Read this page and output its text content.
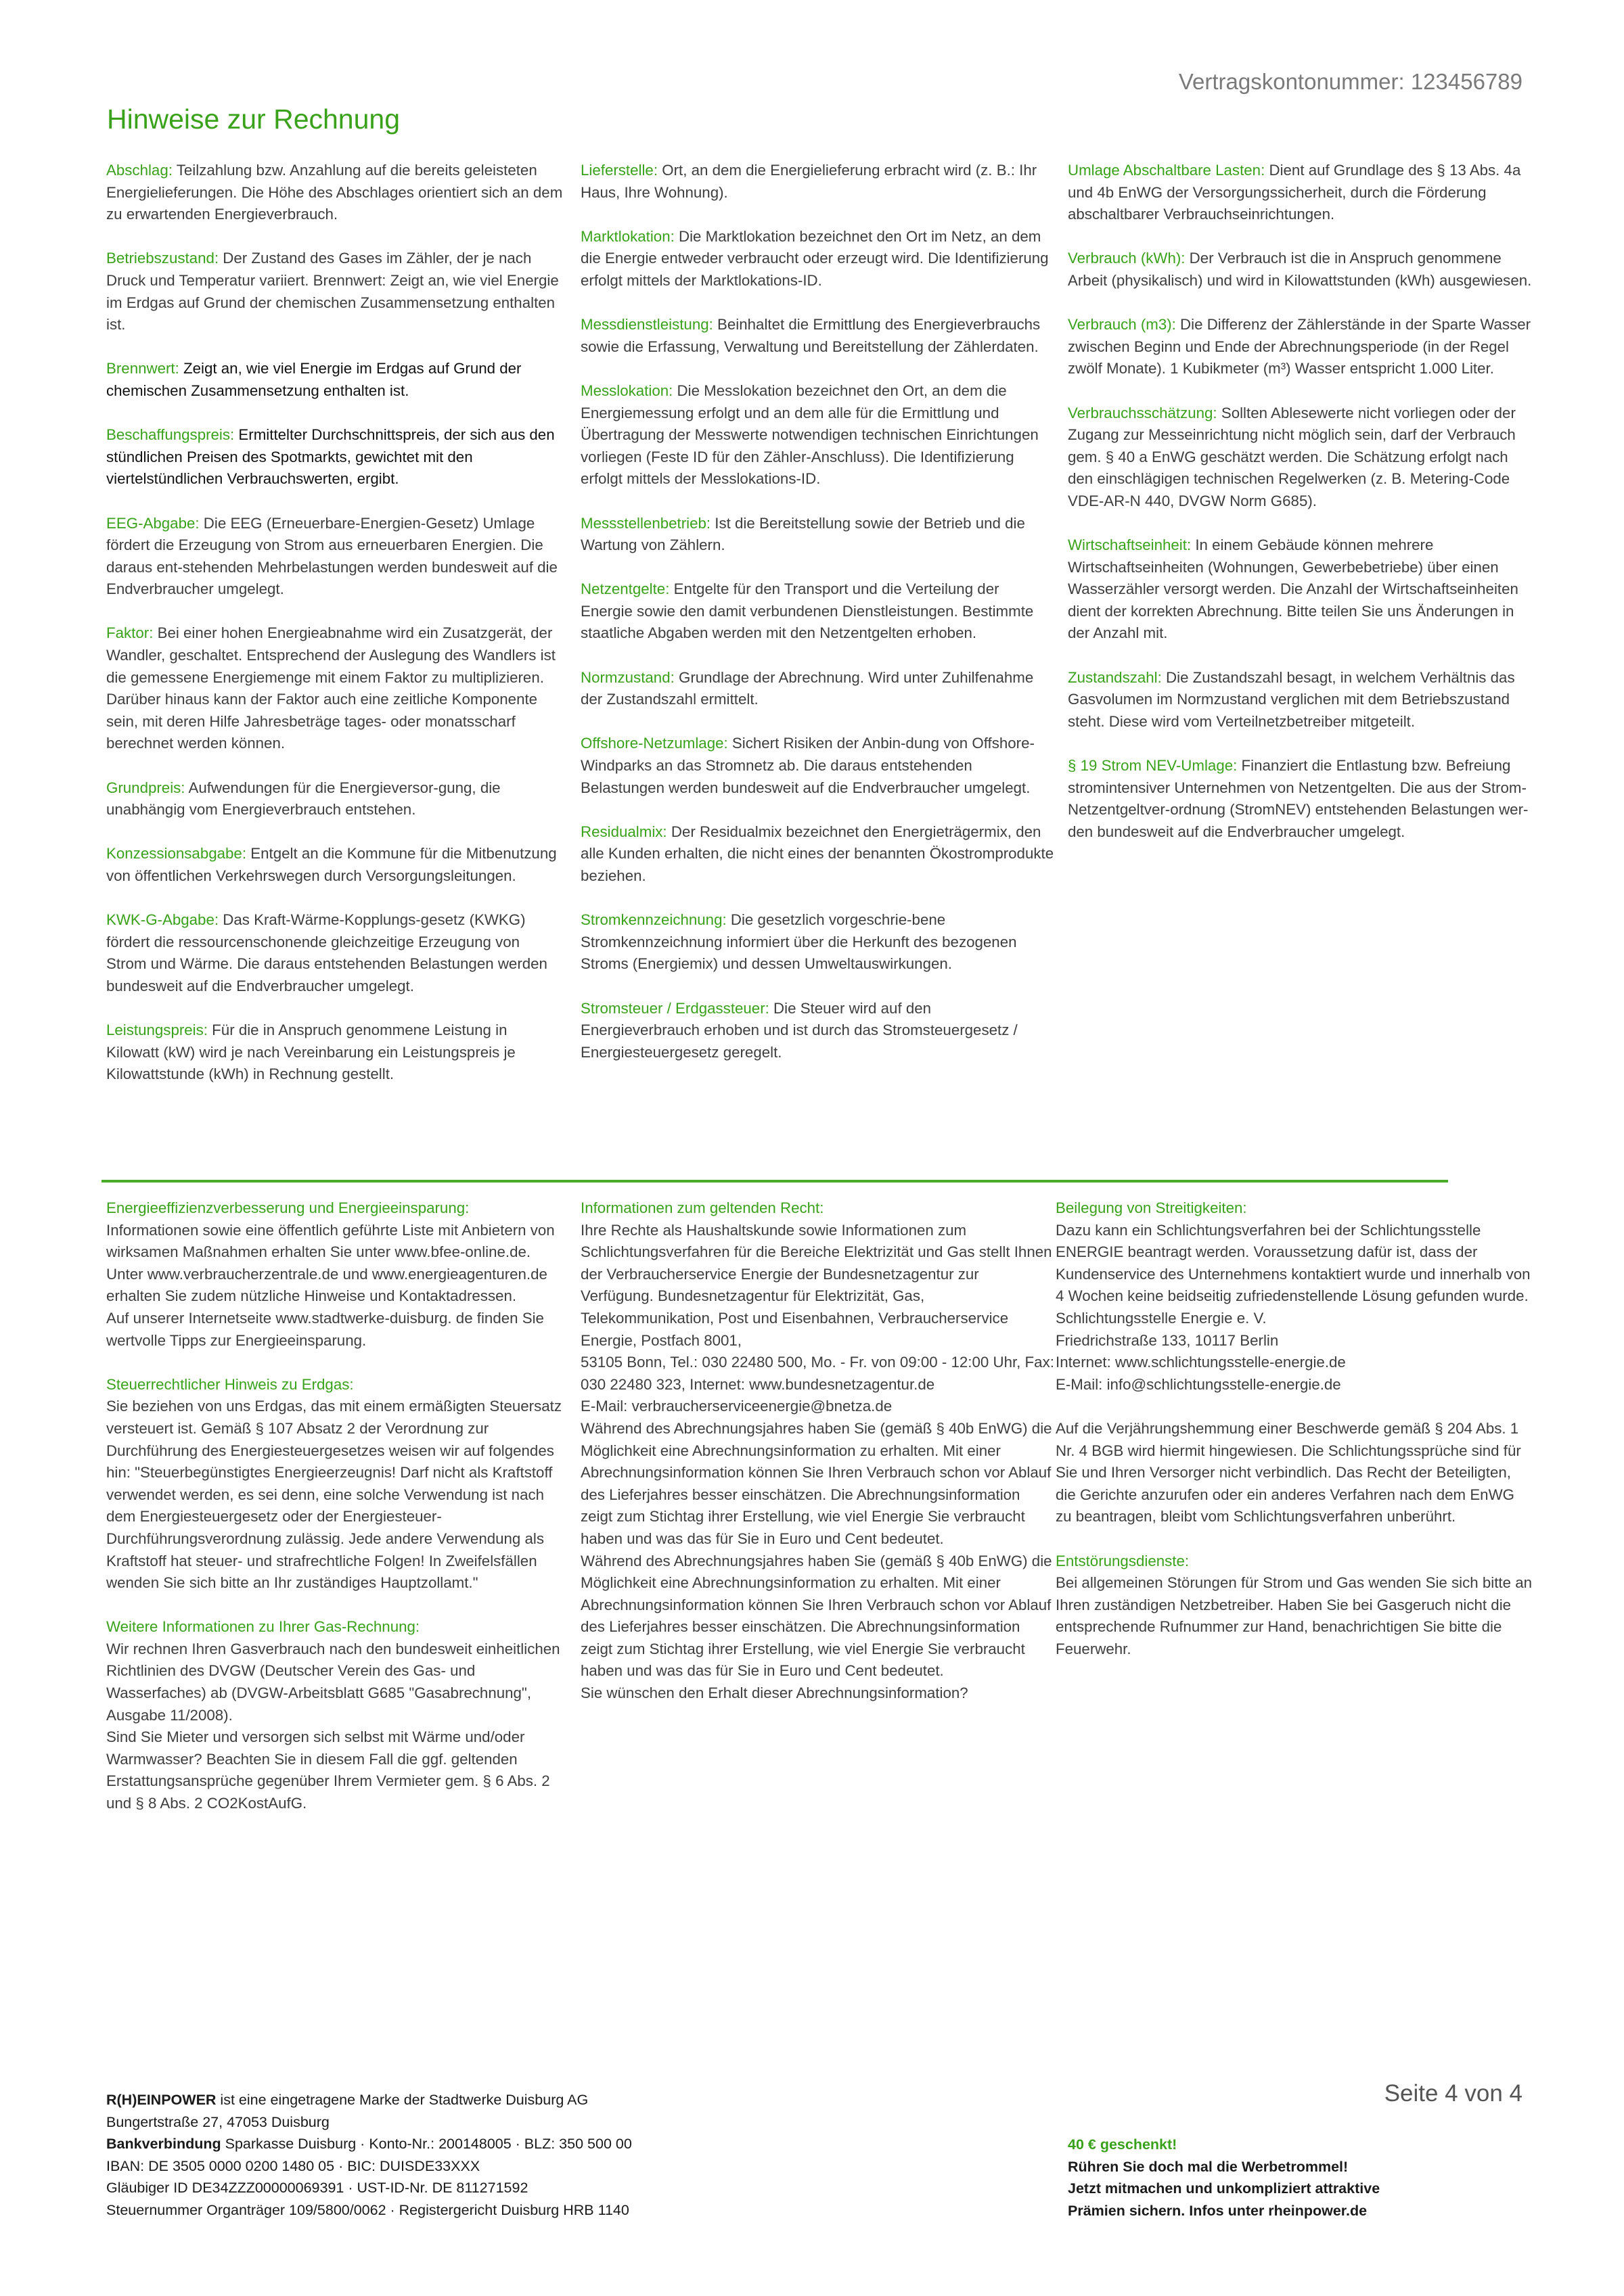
Vertragskontonummer: 123456789
Hinweise zur Rechnung
Abschlag: Teilzahlung bzw. Anzahlung auf die bereits geleisteten Energielieferungen. Die Höhe des Abschlages orientiert sich an dem zu erwartenden Energieverbrauch.
Betriebszustand: Der Zustand des Gases im Zähler, der je nach Druck und Temperatur variiert. Brennwert: Zeigt an, wie viel Energie im Erdgas auf Grund der chemischen Zusammensetzung enthalten ist.
Brennwert: Zeigt an, wie viel Energie im Erdgas auf Grund der chemischen Zusammensetzung enthalten ist.
Beschaffungspreis: Ermittelter Durchschnittspreis, der sich aus den stündlichen Preisen des Spotmarkts, gewichtet mit den viertelstündlichen Verbrauchswerten, ergibt.
EEG-Abgabe: Die EEG (Erneuerbare-Energien-Gesetz) Umlage fördert die Erzeugung von Strom aus erneuerbaren Energien. Die daraus ent-stehenden Mehrbelastungen werden bundesweit auf die Endverbraucher umgelegt.
Faktor: Bei einer hohen Energieabnahme wird ein Zusatzgerät, der Wandler, geschaltet. Entsprechend der Auslegung des Wandlers ist die gemessene Energiemenge mit einem Faktor zu multiplizieren.
Darüber hinaus kann der Faktor auch eine zeitliche Komponente sein, mit deren Hilfe Jahresbeträge tages- oder monatsscharf berechnet werden können.
Grundpreis: Aufwendungen für die Energieversor-gung, die unabhängig vom Energieverbrauch entstehen.
Konzessionsabgabe: Entgelt an die Kommune für die Mitbenutzung von öffentlichen Verkehrswegen durch Versorgungsleitungen.
KWK-G-Abgabe: Das Kraft-Wärme-Kopplungs-gesetz (KWKG) fördert die ressourcenschonende gleichzeitige Erzeugung von Strom und Wärme. Die daraus entstehenden Belastungen werden bundesweit auf die Endverbraucher umgelegt.
Leistungspreis: Für die in Anspruch genommene Leistung in Kilowatt (kW) wird je nach Vereinbarung ein Leistungspreis je Kilowattstunde (kWh) in Rechnung gestellt.
Lieferstelle: Ort, an dem die Energielieferung erbracht wird (z. B.: Ihr Haus, Ihre Wohnung).
Marktlokation: Die Marktlokation bezeichnet den Ort im Netz, an dem die Energie entweder verbraucht oder erzeugt wird. Die Identifizierung erfolgt mittels der Marktlokations-ID.
Messdienstleistung: Beinhaltet die Ermittlung des Energieverbrauchs sowie die Erfassung, Verwaltung und Bereitstellung der Zählerdaten.
Messlokation: Die Messlokation bezeichnet den Ort, an dem die Energiemessung erfolgt und an dem alle für die Ermittlung und Übertragung der Messwerte notwendigen technischen Einrichtungen vorliegen (Feste ID für den Zähler-Anschluss). Die Identifizierung erfolgt mittels der Messlokations-ID.
Messstellenbetrieb: Ist die Bereitstellung sowie der Betrieb und die Wartung von Zählern.
Netzentgelte: Entgelte für den Transport und die Verteilung der Energie sowie den damit verbundenen Dienstleistungen. Bestimmte staatliche Abgaben werden mit den Netzentgelten erhoben.
Normzustand: Grundlage der Abrechnung. Wird unter Zuhilfenahme der Zustandszahl ermittelt.
Offshore-Netzumlage: Sichert Risiken der Anbin-dung von Offshore-Windparks an das Stromnetz ab. Die daraus entstehenden Belastungen werden bundesweit auf die Endverbraucher umgelegt.
Residualmix: Der Residualmix bezeichnet den Energieträgermix, den alle Kunden erhalten, die nicht eines der benannten Ökostromprodukte beziehen.
Stromkennzeichnung: Die gesetzlich vorgeschrie-bene Stromkennzeichnung informiert über die Herkunft des bezogenen Stroms (Energiemix) und dessen Umweltauswirkungen.
Stromsteuer / Erdgassteuer: Die Steuer wird auf den Energieverbrauch erhoben und ist durch das Stromsteuergesetz / Energiesteuergesetz geregelt.
Umlage Abschaltbare Lasten: Dient auf Grundlage des § 13 Abs. 4a und 4b EnWG der Versorgungssicherheit, durch die Förderung abschaltbarer Verbrauchseinrichtungen.
Verbrauch (kWh): Der Verbrauch ist die in Anspruch genommene Arbeit (physikalisch) und wird in Kilowattstunden (kWh) ausgewiesen.
Verbrauch (m3): Die Differenz der Zählerstände in der Sparte Wasser zwischen Beginn und Ende der Abrechnungsperiode (in der Regel zwölf Monate). 1 Kubikmeter (m³) Wasser entspricht 1.000 Liter.
Verbrauchsschätzung: Sollten Ablesewerte nicht vorliegen oder der Zugang zur Messeinrichtung nicht möglich sein, darf der Verbrauch gem. § 40 a EnWG geschätzt werden. Die Schätzung erfolgt nach den einschlägigen technischen Regelwerken (z. B. Metering-Code VDE-AR-N 440, DVGW Norm G685).
Wirtschaftseinheit: In einem Gebäude können mehrere Wirtschaftseinheiten (Wohnungen, Gewerbebetriebe) über einen Wasserzähler versorgt werden. Die Anzahl der Wirtschaftseinheiten dient der korrekten Abrechnung. Bitte teilen Sie uns Änderungen in der Anzahl mit.
Zustandszahl: Die Zustandszahl besagt, in welchem Verhältnis das Gasvolumen im Normzustand verglichen mit dem Betriebszustand steht. Diese wird vom Verteilnetzbetreiber mitgeteilt.
§ 19 Strom NEV-Umlage: Finanziert die Entlastung bzw. Befreiung stromintensiver Unternehmen von Netzentgelten. Die aus der Strom-Netzentgeltver-ordnung (StromNEV) entstehenden Belastungen wer-den bundesweit auf die Endverbraucher umgelegt.
Energieeffizienzverbesserung und Energieeinsparung:
Informationen sowie eine öffentlich geführte Liste mit Anbietern von wirksamen Maßnahmen erhalten Sie unter www.bfee-online.de. Unter www.verbraucherzentrale.de und www.energieagenturen.de erhalten Sie zudem nützliche Hinweise und Kontaktadressen.
Auf unserer Internetseite www.stadtwerke-duisburg. de finden Sie wertvolle Tipps zur Energieeinsparung.
Steuerrechtlicher Hinweis zu Erdgas:
Sie beziehen von uns Erdgas, das mit einem ermäßigten Steuersatz versteuert ist. Gemäß § 107 Absatz 2 der Verordnung zur Durchführung des Energiesteuergesetzes weisen wir auf folgendes hin: "Steuerbegünstigtes Energieerzeugnis! Darf nicht als Kraftstoff verwendet werden, es sei denn, eine solche Verwendung ist nach dem Energiesteuergesetz oder der Energiesteuer-Durchführungsverordnung zulässig. Jede andere Verwendung als Kraftstoff hat steuer- und strafrechtliche Folgen! In Zweifelsfällen wenden Sie sich bitte an Ihr zuständiges Hauptzollamt."
Weitere Informationen zu Ihrer Gas-Rechnung:
Wir rechnen Ihren Gasverbrauch nach den bundesweit einheitlichen Richtlinien des DVGW (Deutscher Verein des Gas- und Wasserfaches) ab (DVGW-Arbeitsblatt G685 "Gasabrechnung", Ausgabe 11/2008).
Sind Sie Mieter und versorgen sich selbst mit Wärme und/oder Warmwasser? Beachten Sie in diesem Fall die ggf. geltenden Erstattungsansprüche gegenüber Ihrem Vermieter gem. § 6 Abs. 2 und § 8 Abs. 2 CO2KostAufG.
Informationen zum geltenden Recht:
Ihre Rechte als Haushaltskunde sowie Informationen zum Schlichtungsverfahren für die Bereiche Elektrizität und Gas stellt Ihnen der Verbraucherservice Energie der Bundesnetzagentur zur Verfügung. Bundesnetzagentur für Elektrizität, Gas, Telekommunikation, Post und Eisenbahnen, Verbraucherservice Energie, Postfach 8001,
53105 Bonn, Tel.: 030 22480 500, Mo. - Fr. von 09:00 - 12:00 Uhr, Fax: 030 22480 323, Internet: www.bundesnetzagentur.de
E-Mail: verbraucherserviceenergie@bnetza.de
Während des Abrechnungsjahres haben Sie (gemäß § 40b EnWG) die Möglichkeit eine Abrechnungsinformation zu erhalten. Mit einer Abrechnungsinformation können Sie Ihren Verbrauch schon vor Ablauf des Lieferjahres besser einschätzen. Die Abrechnungsinformation zeigt zum Stichtag ihrer Erstellung, wie viel Energie Sie verbraucht haben und was das für Sie in Euro und Cent bedeutet.
Während des Abrechnungsjahres haben Sie (gemäß § 40b EnWG) die Möglichkeit eine Abrechnungsinformation zu erhalten. Mit einer Abrechnungsinformation können Sie Ihren Verbrauch schon vor Ablauf des Lieferjahres besser einschätzen. Die Abrechnungsinformation zeigt zum Stichtag ihrer Erstellung, wie viel Energie Sie verbraucht haben und was das für Sie in Euro und Cent bedeutet.
Sie wünschen den Erhalt dieser Abrechnungsinformation?
Beilegung von Streitigkeiten:
Dazu kann ein Schlichtungsverfahren bei der Schlichtungsstelle ENERGIE beantragt werden. Voraussetzung dafür ist, dass der Kundenservice des Unternehmens kontaktiert wurde und innerhalb von 4 Wochen keine beidseitig zufriedenstellende Lösung gefunden wurde.
Schlichtungsstelle Energie e. V.
Friedrichstraße 133, 10117 Berlin
Internet: www.schlichtungsstelle-energie.de
E-Mail: info@schlichtungsstelle-energie.de
Auf die Verjährungshemmung einer Beschwerde gemäß § 204 Abs. 1 Nr. 4 BGB wird hiermit hingewiesen. Die Schlichtungssprüche sind für Sie und Ihren Versorger nicht verbindlich. Das Recht der Beteiligten, die Gerichte anzurufen oder ein anderes Verfahren nach dem EnWG zu beantragen, bleibt vom Schlichtungsverfahren unberührt.
Entstörungsdienste:
Bei allgemeinen Störungen für Strom und Gas wenden Sie sich bitte an Ihren zuständigen Netzbetreiber. Haben Sie bei Gasgeruch nicht die entsprechende Rufnummer zur Hand, benachrichtigen Sie bitte die Feuerwehr.
R(H)EINPOWER ist eine eingetragene Marke der Stadtwerke Duisburg AG
Bungertstraße 27, 47053 Duisburg
Bankverbindung Sparkasse Duisburg · Konto-Nr.: 200148005 · BLZ: 350 500 00
IBAN: DE 3505 0000 0200 1480 05 · BIC: DUISDE33XXX
Gläubiger ID DE34ZZZ00000069391 · UST-ID-Nr. DE 811271592
Steuernummer Organträger 109/5800/0062 · Registergericht Duisburg HRB 1140
Seite 4 von 4
40 € geschenkt!
Rühren Sie doch mal die Werbetrommel!
Jetzt mitmachen und unkompliziert attraktive
Prämien sichern. Infos unter rheinpower.de
